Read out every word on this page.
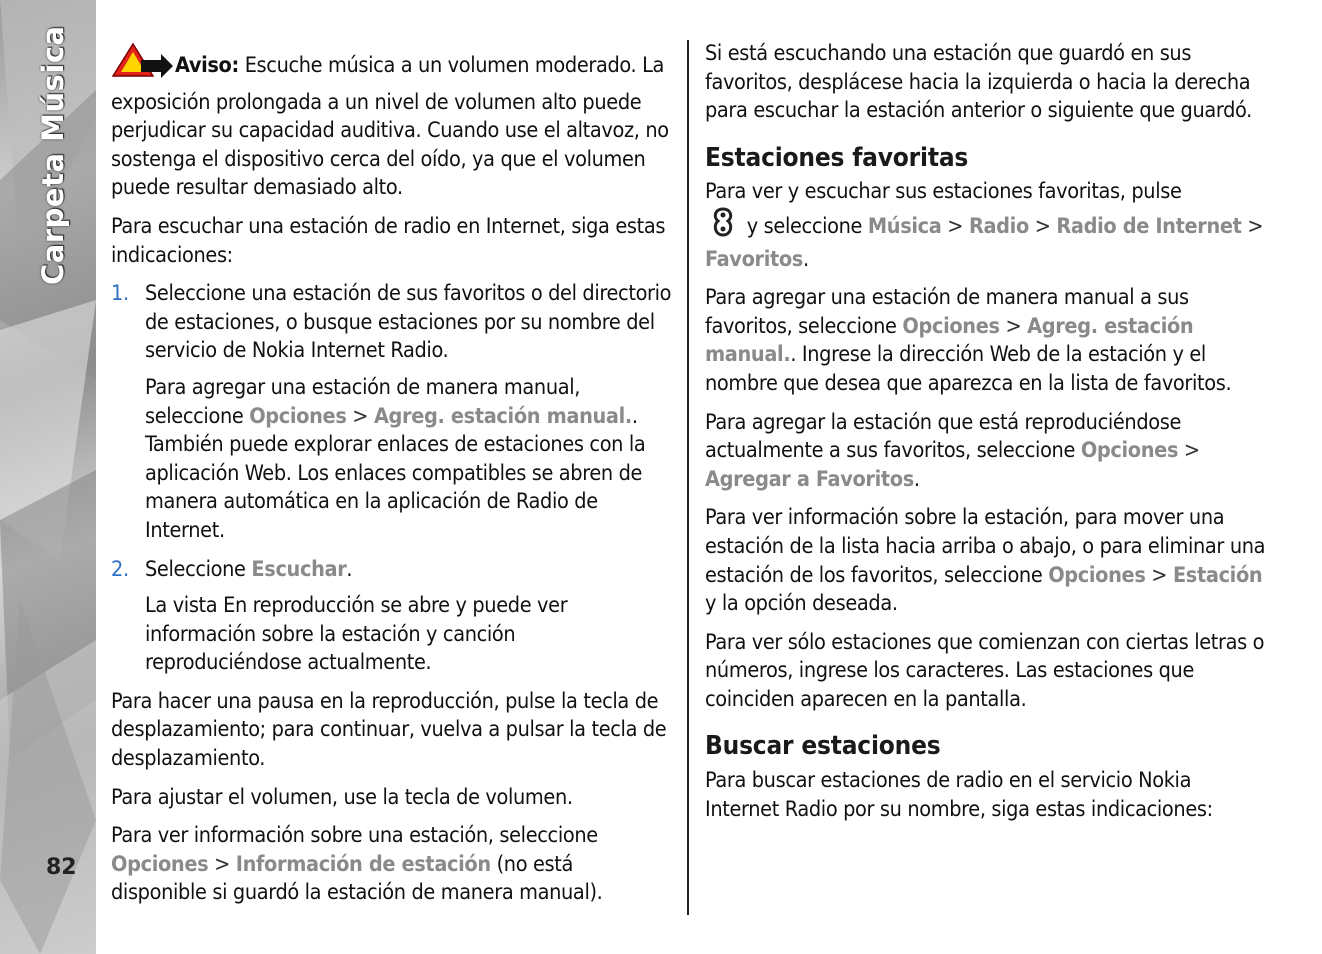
Carpeta Música
82

Aviso: Escuche música a un volumen moderado. La exposición prolongada a un nivel de volumen alto puede perjudicar su capacidad auditiva. Cuando use el altavoz, no sostenga el dispositivo cerca del oído, ya que el volumen puede resultar demasiado alto.

Para escuchar una estación de radio en Internet, siga estas indicaciones:

1. Seleccione una estación de sus favoritos o del directorio de estaciones, o busque estaciones por su nombre del servicio de Nokia Internet Radio.
Para agregar una estación de manera manual, seleccione Opciones > Agreg. estación manual.. También puede explorar enlaces de estaciones con la aplicación Web. Los enlaces compatibles se abren de manera automática en la aplicación de Radio de Internet.
2. Seleccione Escuchar.
La vista En reproducción se abre y puede ver información sobre la estación y canción reproduciéndose actualmente.

Para hacer una pausa en la reproducción, pulse la tecla de desplazamiento; para continuar, vuelva a pulsar la tecla de desplazamiento.

Para ajustar el volumen, use la tecla de volumen.

Para ver información sobre una estación, seleccione Opciones > Información de estación (no está disponible si guardó la estación de manera manual).

Si está escuchando una estación que guardó en sus favoritos, desplácese hacia la izquierda o hacia la derecha para escuchar la estación anterior o siguiente que guardó.

Estaciones favoritas

Para ver y escuchar sus estaciones favoritas, pulse
y seleccione Música > Radio > Radio de Internet > Favoritos.

Para agregar una estación de manera manual a sus favoritos, seleccione Opciones > Agreg. estación manual.. Ingrese la dirección Web de la estación y el nombre que desea que aparezca en la lista de favoritos.

Para agregar la estación que está reproduciéndose actualmente a sus favoritos, seleccione Opciones > Agregar a Favoritos.

Para ver información sobre la estación, para mover una estación de la lista hacia arriba o abajo, o para eliminar una estación de los favoritos, seleccione Opciones > Estación y la opción deseada.

Para ver sólo estaciones que comienzan con ciertas letras o números, ingrese los caracteres. Las estaciones que coinciden aparecen en la pantalla.

Buscar estaciones

Para buscar estaciones de radio en el servicio Nokia Internet Radio por su nombre, siga estas indicaciones:
